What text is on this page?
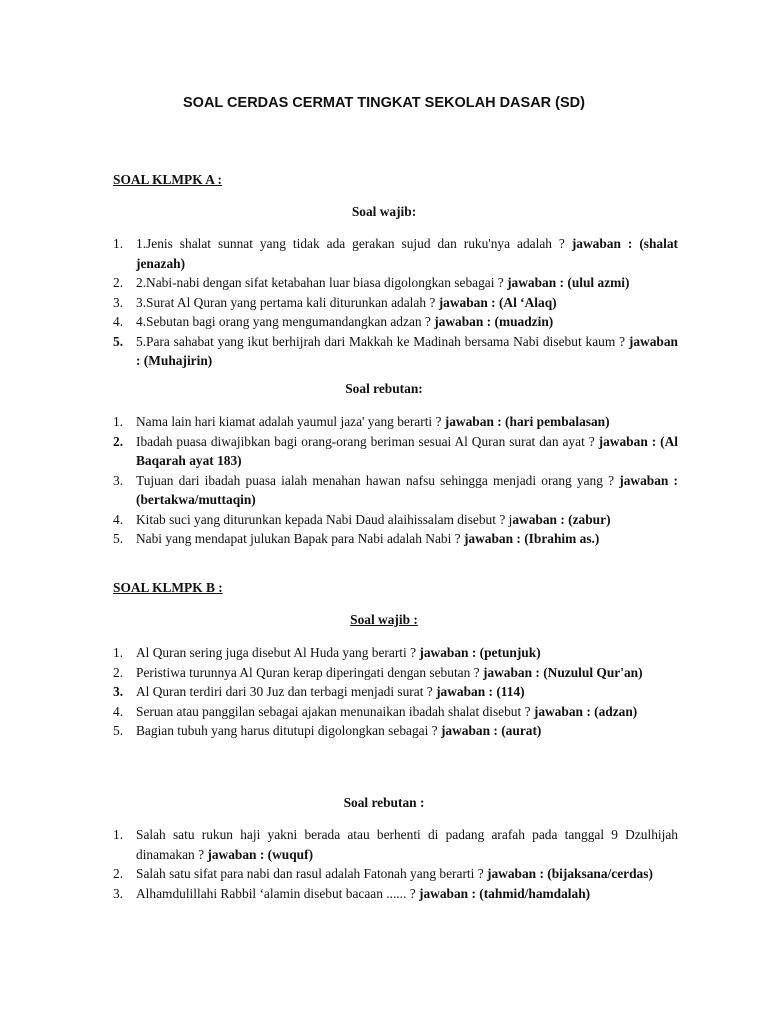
SOAL CERDAS CERMAT TINGKAT SEKOLAH DASAR (SD)
SOAL KLMPK A :
Soal wajib:
1. 1.Jenis shalat sunnat yang tidak ada gerakan sujud dan ruku'nya adalah ? jawaban : (shalat jenazah)
2. 2.Nabi-nabi dengan sifat ketabahan luar biasa digolongkan sebagai ? jawaban : (ulul azmi)
3. 3.Surat Al Quran yang pertama kali diturunkan adalah ? jawaban : (Al ‘Alaq)
4. 4.Sebutan bagi orang yang mengumandangkan adzan ? jawaban : (muadzin)
5. 5.Para sahabat yang ikut berhijrah dari Makkah ke Madinah bersama Nabi disebut kaum ? jawaban : (Muhajirin)
Soal rebutan:
1. Nama lain hari kiamat adalah yaumul jaza' yang berarti ? jawaban : (hari pembalasan)
2. Ibadah puasa diwajibkan bagi orang-orang beriman sesuai Al Quran surat dan ayat ? jawaban : (Al Baqarah ayat 183)
3. Tujuan dari ibadah puasa ialah menahan hawan nafsu sehingga menjadi orang yang ? jawaban : (bertakwa/muttaqin)
4. Kitab suci yang diturunkan kepada Nabi Daud alaihissalam disebut ? jawaban : (zabur)
5. Nabi yang mendapat julukan Bapak para Nabi adalah Nabi ? jawaban : (Ibrahim as.)
SOAL KLMPK B :
Soal wajib :
1. Al Quran sering juga disebut Al Huda yang berarti ? jawaban : (petunjuk)
2. Peristiwa turunnya Al Quran kerap diperingati dengan sebutan ? jawaban : (Nuzulul Qur'an)
3. Al Quran terdiri dari 30 Juz dan terbagi menjadi surat ? jawaban : (114)
4. Seruan atau panggilan sebagai ajakan menunaikan ibadah shalat disebut ? jawaban : (adzan)
5. Bagian tubuh yang harus ditutupi digolongkan sebagai ? jawaban : (aurat)
Soal rebutan :
1. Salah satu rukun haji yakni berada atau berhenti di padang arafah pada tanggal 9 Dzulhijah dinamakan ? jawaban : (wuquf)
2. Salah satu sifat para nabi dan rasul adalah Fatonah yang berarti ? jawaban : (bijaksana/cerdas)
3. Alhamdulillahi Rabbil ‘alamin disebut bacaan ...... ? jawaban : (tahmid/hamdalah)
